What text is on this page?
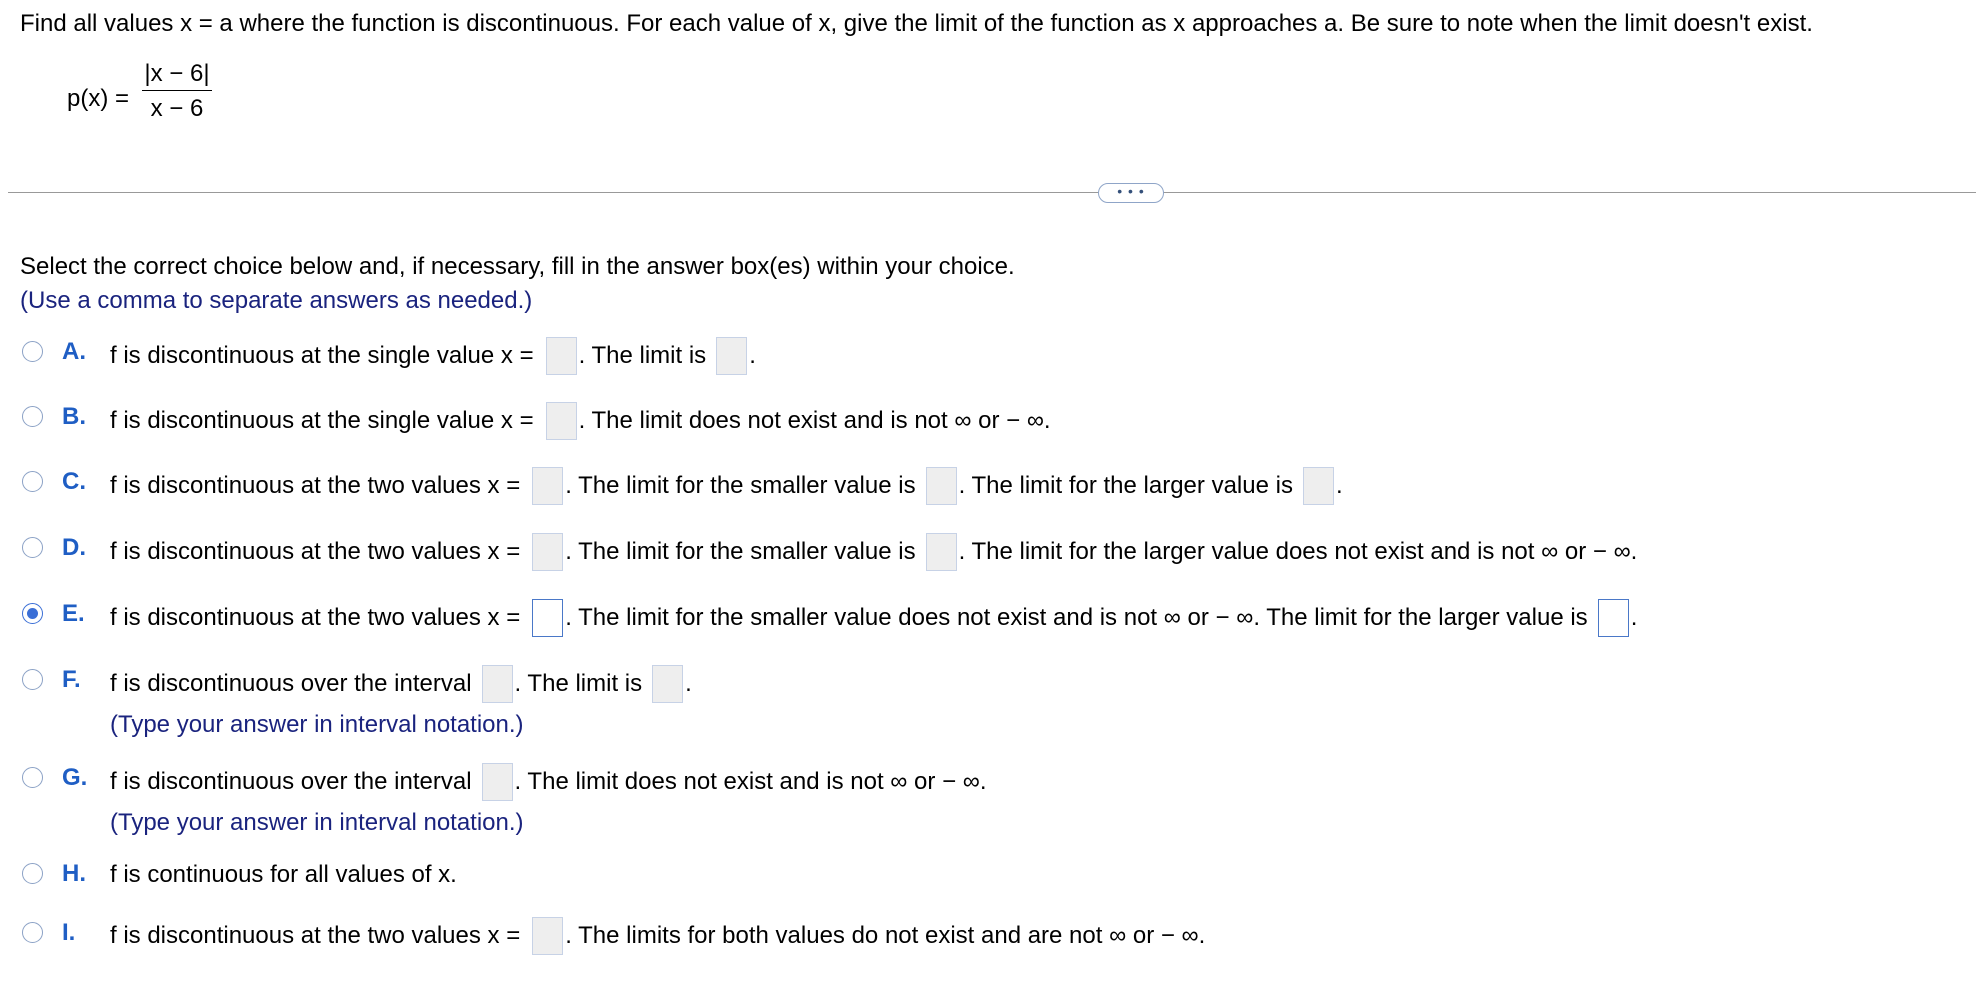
Find all values x = a where the function is discontinuous. For each value of x, give the limit of the function as x approaches a. Be sure to note when the limit doesn't exist.
$p(x) = \frac{|x - 6|}{x - 6}$
• • •
Select the correct choice below and, if necessary, fill in the answer box(es) within your choice.
(Use a comma to separate answers as needed.)
A. f is discontinuous at the single value x = . The limit is .
B. f is discontinuous at the single value x = . The limit does not exist and is not ∞ or − ∞.
C. f is discontinuous at the two values x = . The limit for the smaller value is . The limit for the larger value is .
D. f is discontinuous at the two values x = . The limit for the smaller value is . The limit for the larger value does not exist and is not ∞ or − ∞.
E. f is discontinuous at the two values x = . The limit for the smaller value does not exist and is not ∞ or − ∞. The limit for the larger value is .
F. f is discontinuous over the interval . The limit is .
(Type your answer in interval notation.)
G. f is discontinuous over the interval . The limit does not exist and is not ∞ or − ∞.
(Type your answer in interval notation.)
H. f is continuous for all values of x.
I. f is discontinuous at the two values x = . The limits for both values do not exist and are not ∞ or − ∞.
